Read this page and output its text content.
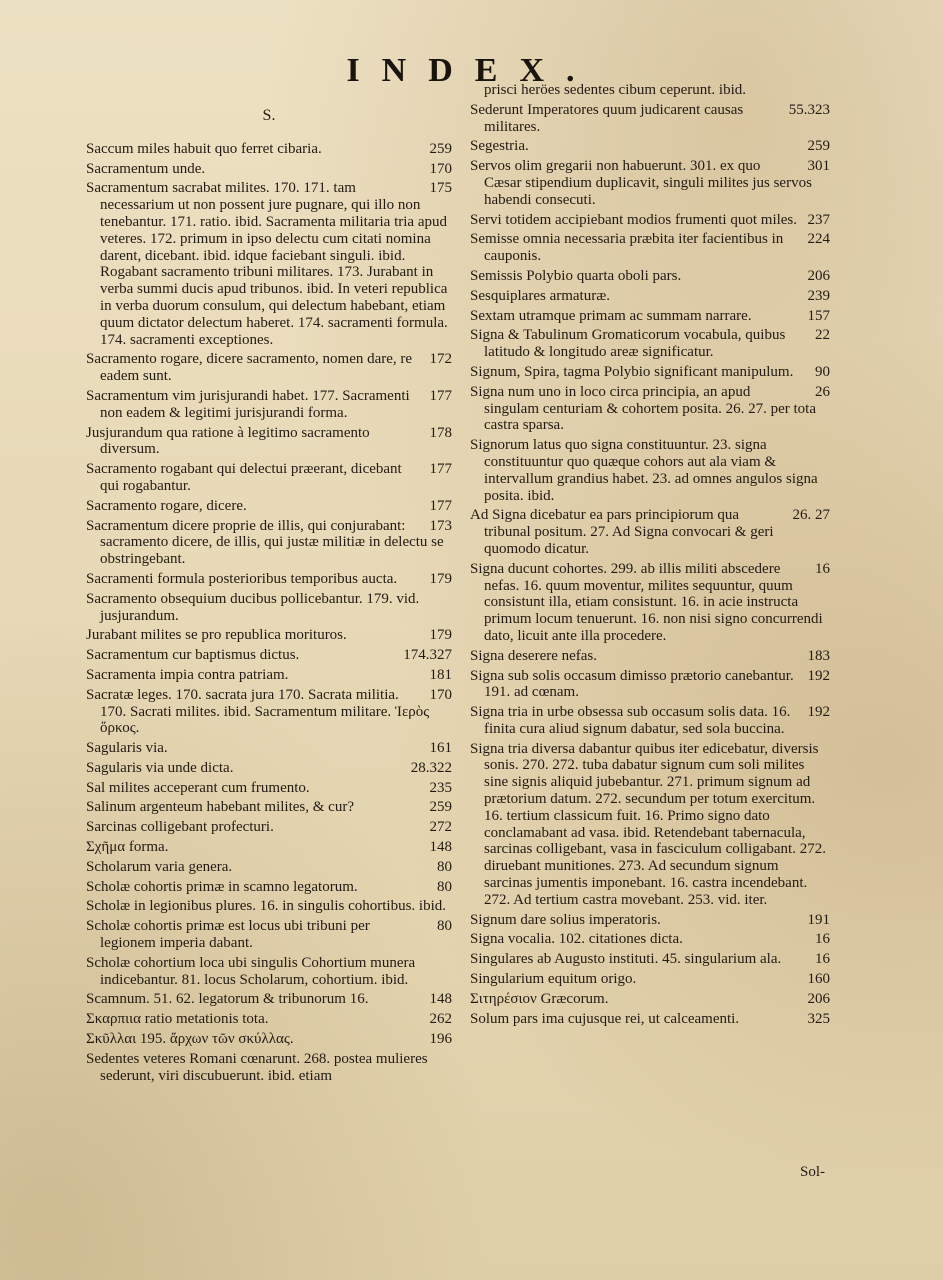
INDEX.
S.
259
Saccum miles habuit quo ferret cibaria.
170
Sacramentum unde.
175
Sacramentum sacrabat milites. 170. 171. tam necessarium ut non possent jure pugnare, qui illo non tenebantur. 171. ratio. ibid. Sacramenta militaria tria apud veteres. 172. primum in ipso delectu cum citati nomina darent, dicebant. ibid. idque faciebant singuli. ibid. Rogabant sacramento tribuni militares. 173. Jurabant in verba summi ducis apud tribunos. ibid. In veteri republica in verba duorum consulum, qui delectum habebant, etiam quum dictator delectum haberet. 174. sacramenti formula. 174. sacramenti exceptiones.
172
Sacramento rogare, dicere sacramento, nomen dare, re eadem sunt.
177
Sacramentum vim jurisjurandi habet. 177. Sacramenti non eadem & legitimi jurisjurandi forma.
178
Jusjurandum qua ratione à legitimo sacramento diversum.
177
Sacramento rogabant qui delectui præerant, dicebant qui rogabantur.
177
Sacramento rogare, dicere.
173
Sacramentum dicere proprie de illis, qui conjurabant: sacramento dicere, de illis, qui justæ militiæ in delectu se obstringebant.
179
Sacramenti formula posterioribus temporibus aucta.
Sacramento obsequium ducibus pollicebantur. 179. vid. jusjurandum.
179
Jurabant milites se pro republica morituros.
174.327
Sacramentum cur baptismus dictus.
181
Sacramenta impia contra patriam.
170
Sacratæ leges. 170. sacrata jura 170. Sacrata militia. 170. Sacrati milites. ibid. Sacramentum militare. Ἱερὸς ὅρκος.
161
Sagularis via.
28.322
Sagularis via unde dicta.
235
Sal milites acceperant cum frumento.
259
Salinum argenteum habebant milites, & cur?
272
Sarcinas colligebant profecturi.
148
Σχῆμα forma.
80
Scholarum varia genera.
80
Scholæ cohortis primæ in scamno legatorum.
Scholæ in legionibus plures. 16. in singulis cohortibus. ibid.
80
Scholæ cohortis primæ est locus ubi tribuni per legionem imperia dabant.
Scholæ cohortium loca ubi singulis Cohortium munera indicebantur. 81. locus Scholarum, cohortium. ibid.
148
Scamnum. 51. 62. legatorum & tribunorum 16.
262
Σκαρπιια ratio metationis tota.
196
Σκῦλλαι 195. ἄρχων τῶν σκύλλας.
Sedentes veteres Romani cœnarunt. 268. postea mulieres sederunt, viri discubuerunt. ibid. etiam
prisci heröes sedentes cibum ceperunt. ibid.
55.323
Sederunt Imperatores quum judicarent causas militares.
259
Segestria.
301
Servos olim gregarii non habuerunt. 301. ex quo Cæsar stipendium duplicavit, singuli milites jus servos habendi consecuti.
237
Servi totidem accipiebant modios frumenti quot miles.
224
Semisse omnia necessaria præbita iter facientibus in cauponis.
206
Semissis Polybio quarta oboli pars.
239
Sesquiplares armaturæ.
157
Sextam utramque primam ac summam narrare.
22
Signa & Tabulinum Gromaticorum vocabula, quibus latitudo & longitudo areæ significatur.
90
Signum, Spira, tagma Polybio significant manipulum.
26
Signa num uno in loco circa principia, an apud singulam centuriam & cohortem posita. 26. 27. per tota castra sparsa.
Signorum latus quo signa constituuntur. 23. signa constituuntur quo quæque cohors aut ala viam & intervallum grandius habet. 23. ad omnes angulos signa posita. ibid.
26. 27
Ad Signa dicebatur ea pars principiorum qua tribunal positum. 27. Ad Signa convocari & geri quomodo dicatur.
16
Signa ducunt cohortes. 299. ab illis militi abscedere nefas. 16. quum moventur, milites sequuntur, quum consistunt illa, etiam consistunt. 16. in acie instructa primum locum tenuerunt. 16. non nisi signo concurrendi dato, licuit ante illa procedere.
183
Signa deserere nefas.
192
Signa sub solis occasum dimisso prætorio canebantur. 191. ad cœnam.
192
Signa tria in urbe obsessa sub occasum solis data. 16. finita cura aliud signum dabatur, sed sola buccina.
Signa tria diversa dabantur quibus iter edicebatur, diversis sonis. 270. 272. tuba dabatur signum cum soli milites sine signis aliquid jubebantur. 271. primum signum ad prætorium datum. 272. secundum per totum exercitum. 16. tertium classicum fuit. 16. Primo signo dato conclamabant ad vasa. ibid. Retendebant tabernacula, sarcinas colligebant, vasa in fasciculum colligabant. 272. diruebant munitiones. 273. Ad secundum signum sarcinas jumentis imponebant. 16. castra incendebant. 272. Ad tertium castra movebant. 253. vid. iter.
191
Signum dare solius imperatoris.
16
Signa vocalia. 102. citationes dicta.
16
Singulares ab Augusto instituti. 45. singularium ala.
160
Singularium equitum origo.
206
Σιτηρέσιον Græcorum.
325
Solum pars ima cujusque rei, ut calceamenti.
Sol-
